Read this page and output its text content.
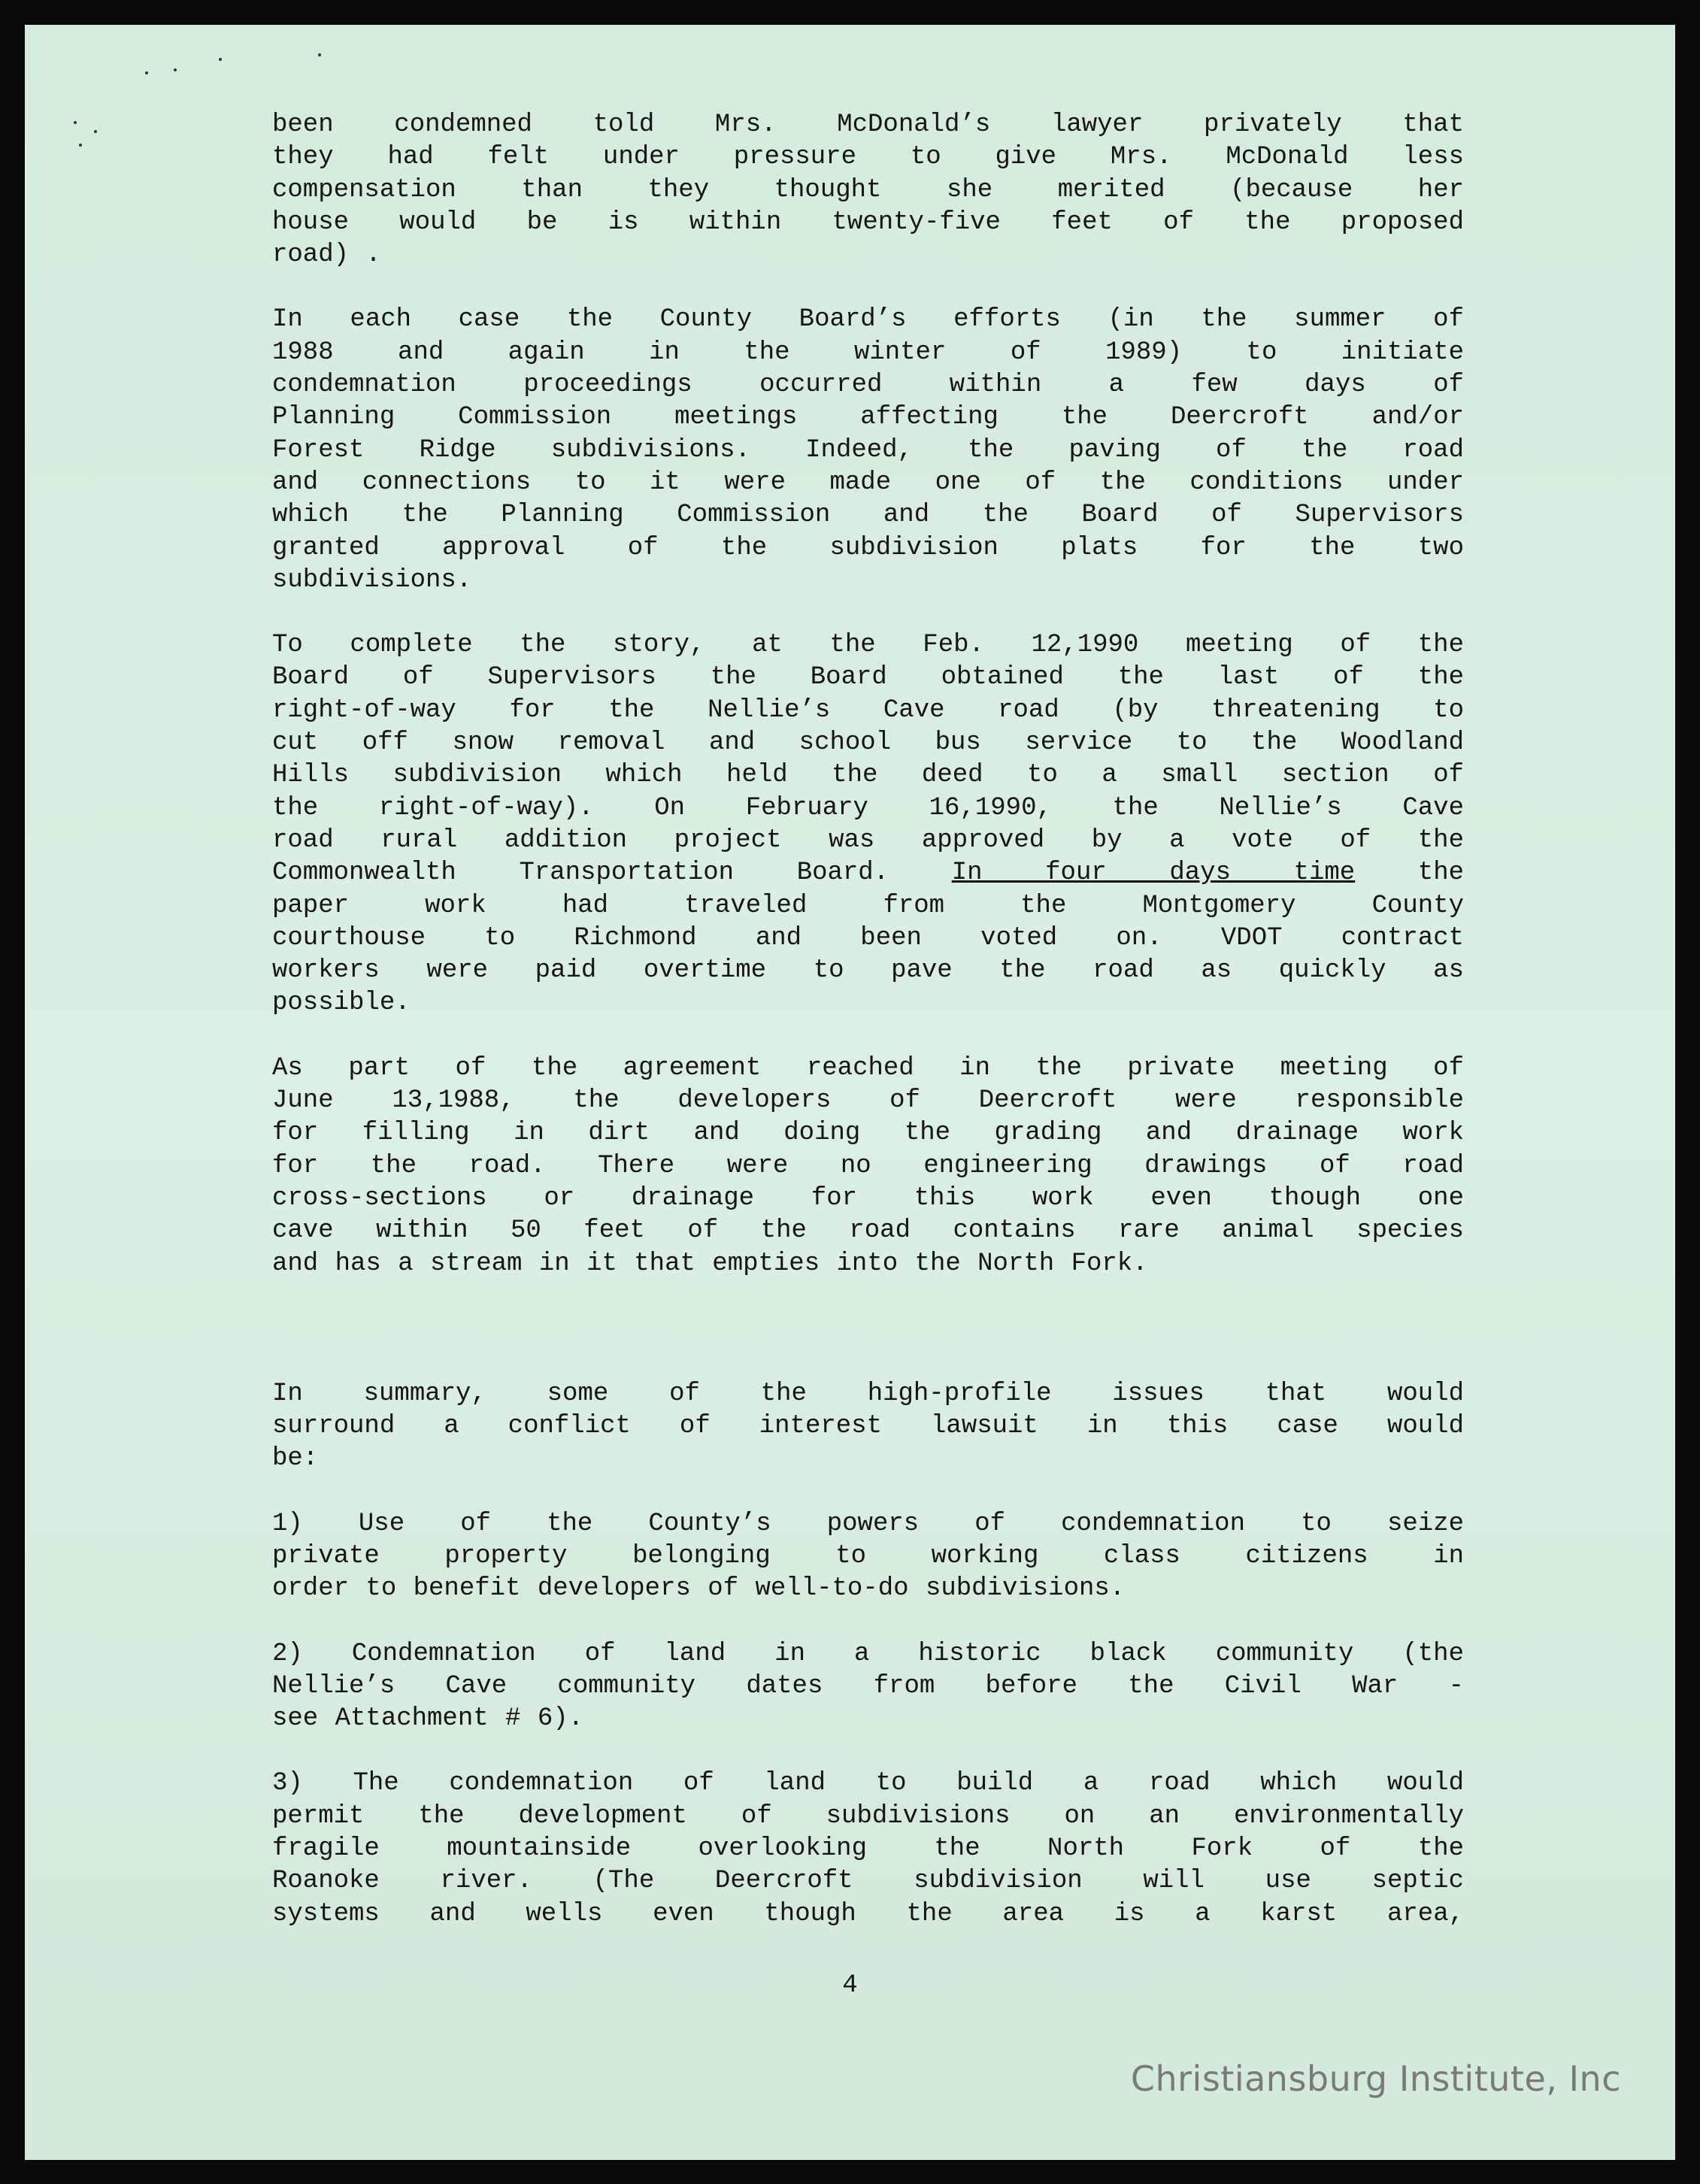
been condemned told Mrs. McDonald’s lawyer privately that
they had felt under pressure to give Mrs. McDonald less
compensation than they thought she merited (because her
house would be is within twenty-five feet of the proposed
road) .

In each case the County Board’s efforts (in the summer of
1988 and again in the winter of 1989) to initiate
condemnation proceedings occurred within a few days of
Planning Commission meetings affecting the Deercroft and/or
Forest Ridge subdivisions. Indeed, the paving of the road
and connections to it were made one of the conditions under
which the Planning Commission and the Board of Supervisors
granted approval of the subdivision plats for the two
subdivisions.

To complete the story, at the Feb. 12,1990 meeting of the
Board of Supervisors the Board obtained the last of the
right-of-way for the Nellie’s Cave road (by threatening to
cut off snow removal and school bus service to the Woodland
Hills subdivision which held the deed to a small section of
the right-of-way). On February 16,1990, the Nellie’s Cave
road rural addition project was approved by a vote of the
Commonwealth Transportation Board. In four days time the
paper work had traveled from the Montgomery County
courthouse to Richmond and been voted on. VDOT contract
workers were paid overtime to pave the road as quickly as
possible.

As part of the agreement reached in the private meeting of
June 13,1988, the developers of Deercroft were responsible
for filling in dirt and doing the grading and drainage work
for the road. There were no engineering drawings of road
cross-sections or drainage for this work even though one
cave within 50 feet of the road contains rare animal species
and has a stream in it that empties into the North Fork.

In summary, some of the high-profile issues that would
surround a conflict of interest lawsuit in this case would
be:

1) Use of the County’s powers of condemnation to seize
private property belonging to working class citizens in
order to benefit developers of well-to-do subdivisions.

2) Condemnation of land in a historic black community (the
Nellie’s Cave community dates from before the Civil War -
see Attachment # 6).

3) The condemnation of land to build a road which would
permit the development of subdivisions on an environmentally
fragile mountainside overlooking the North Fork of the
Roanoke river. (The Deercroft subdivision will use septic
systems and wells even though the area is a karst area,

4
Christiansburg Institute, Inc
